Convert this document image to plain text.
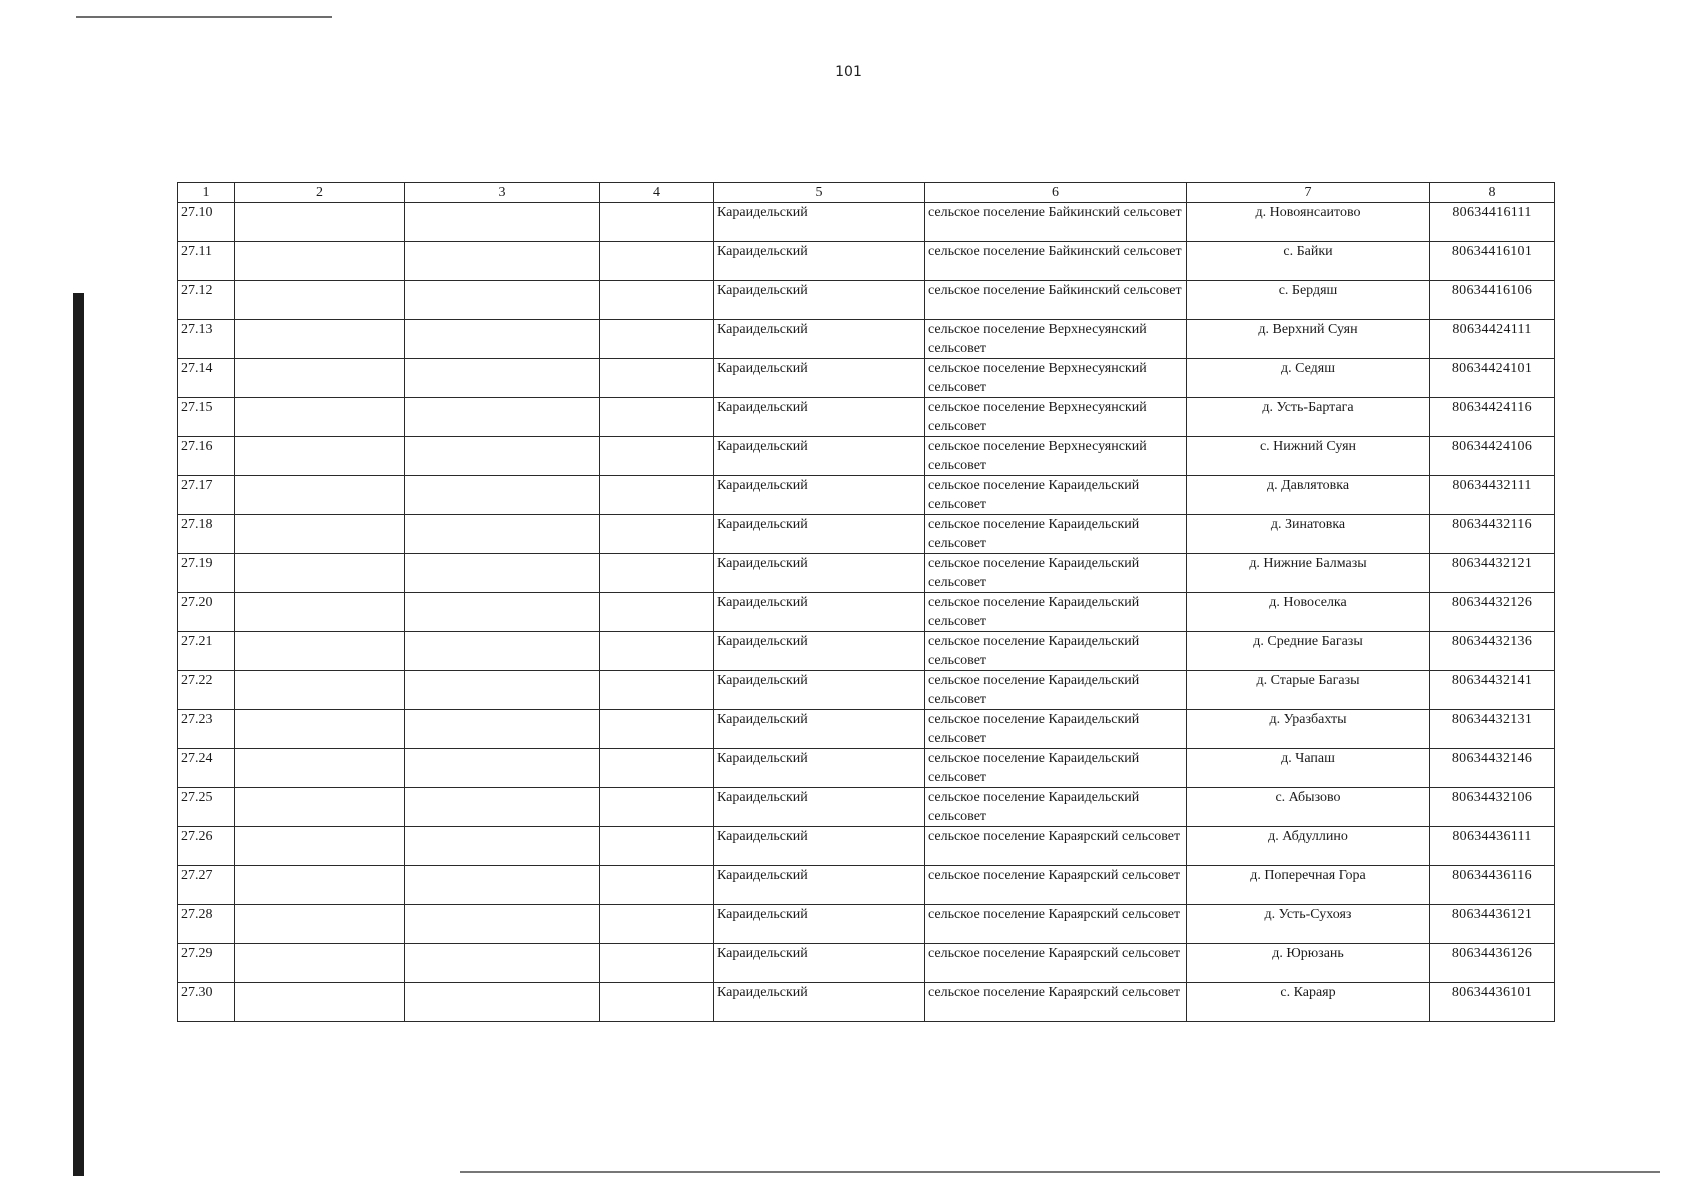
101
1	2	3	4	5	6	7	8
27.10				Караидельский	сельское поселение Байкинский сельсовет	д. Новоянсаитово	80634416111
27.11				Караидельский	сельское поселение Байкинский сельсовет	с. Байки	80634416101
27.12				Караидельский	сельское поселение Байкинский сельсовет	с. Бердяш	80634416106
27.13				Караидельский	сельское поселение Верхнесуянский сельсовет	д. Верхний Суян	80634424111
27.14				Караидельский	сельское поселение Верхнесуянский сельсовет	д. Седяш	80634424101
27.15				Караидельский	сельское поселение Верхнесуянский сельсовет	д. Усть-Бартага	80634424116
27.16				Караидельский	сельское поселение Верхнесуянский сельсовет	с. Нижний Суян	80634424106
27.17				Караидельский	сельское поселение Караидельский сельсовет	д. Давлятовка	80634432111
27.18				Караидельский	сельское поселение Караидельский сельсовет	д. Зинатовка	80634432116
27.19				Караидельский	сельское поселение Караидельский сельсовет	д. Нижние Балмазы	80634432121
27.20				Караидельский	сельское поселение Караидельский сельсовет	д. Новоселка	80634432126
27.21				Караидельский	сельское поселение Караидельский сельсовет	д. Средние Багазы	80634432136
27.22				Караидельский	сельское поселение Караидельский сельсовет	д. Старые Багазы	80634432141
27.23				Караидельский	сельское поселение Караидельский сельсовет	д. Уразбахты	80634432131
27.24				Караидельский	сельское поселение Караидельский сельсовет	д. Чапаш	80634432146
27.25				Караидельский	сельское поселение Караидельский сельсовет	с. Абызово	80634432106
27.26				Караидельский	сельское поселение Караярский сельсовет	д. Абдуллино	80634436111
27.27				Караидельский	сельское поселение Караярский сельсовет	д. Поперечная Гора	80634436116
27.28				Караидельский	сельское поселение Караярский сельсовет	д. Усть-Сухояз	80634436121
27.29				Караидельский	сельское поселение Караярский сельсовет	д. Юрюзань	80634436126
27.30				Караидельский	сельское поселение Караярский сельсовет	с. Караяр	80634436101
